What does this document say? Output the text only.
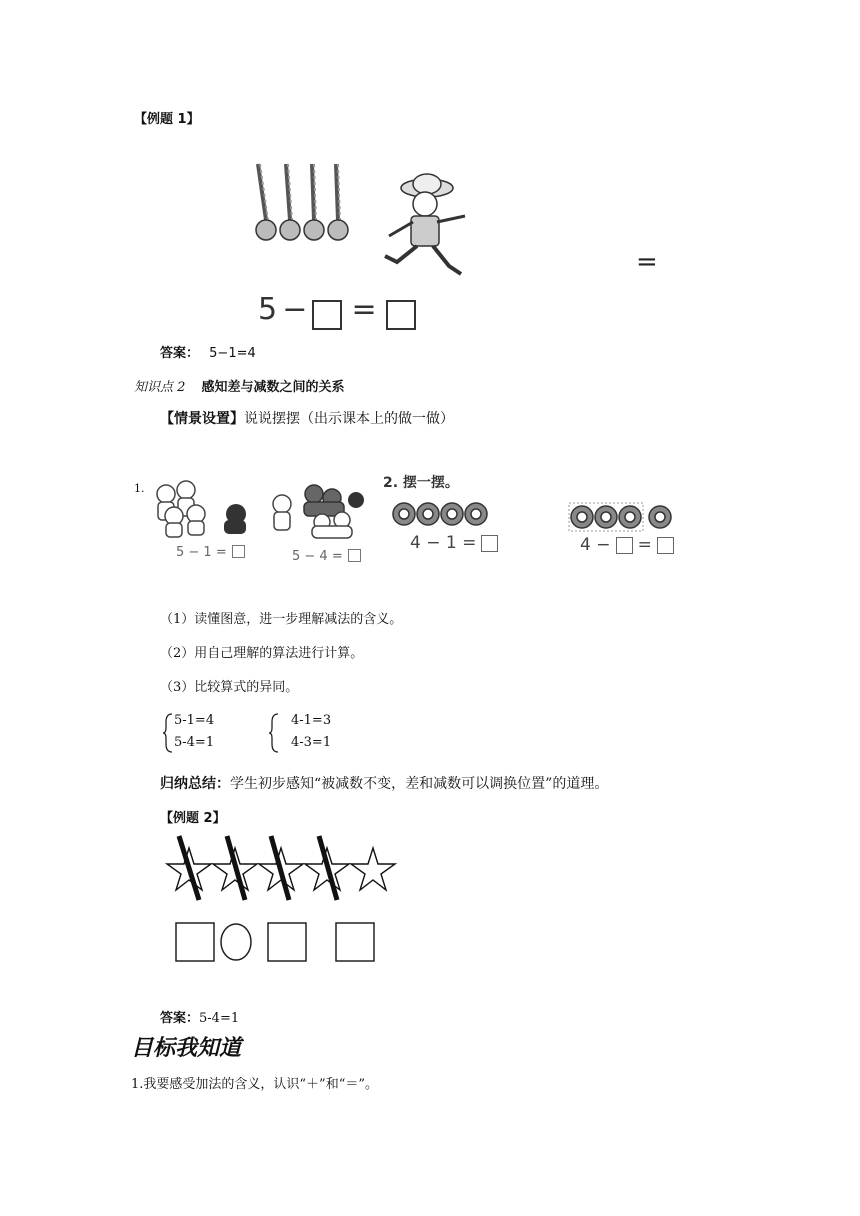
【例题 1】
5 − =
=
答案： 5−1=4
知识点 2 感知差与减数之间的关系
【情景设置】说说摆摆（出示课本上的做一做）
1.	2. 摆一摆。
5 − 1 =	5 − 4 =
4 − 1 =	4 − =
（1）读懂图意，进一步理解减法的含义。
（2）用自己理解的算法进行计算。
（3）比较算式的异同。
5-1=4
5-4=1
4-1=3
4-3=1
归纳总结：学生初步感知“被减数不变，差和减数可以调换位置”的道理。
【例题 2】
答案：5-4=1
目标我知道
1.我要感受加法的含义，认识“＋”和“＝”。
